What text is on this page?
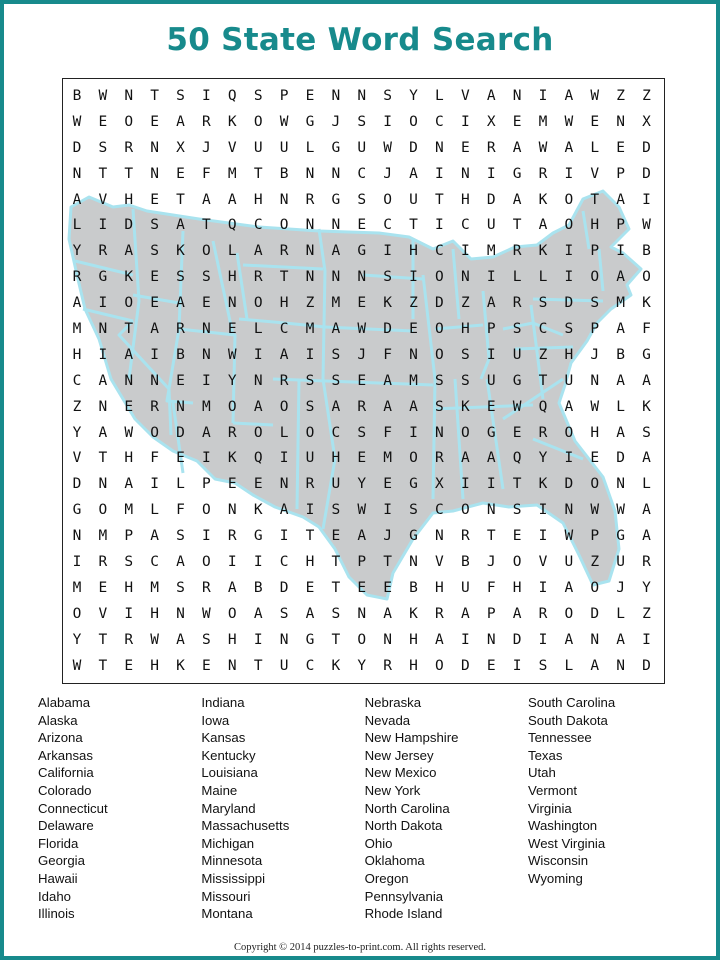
50 State Word Search
B	W	N	T	S	I	Q	S	P	E	N	N	S	Y	L	V	A	N	I	A	W	Z	Z
W	E	O	E	A	R	K	O	W	G	J	S	I	O	C	I	X	E	M	W	E	N	X
D	S	R	N	X	J	V	U	U	L	G	U	W	D	N	E	R	A	W	A	L	E	D
N	T	T	N	E	F	M	T	B	N	N	C	J	A	I	N	I	G	R	I	V	P	D
A	V	H	E	T	A	A	H	N	R	G	S	O	U	T	H	D	A	K	O	T	A	I
L	I	D	S	A	T	Q	C	O	N	N	E	C	T	I	C	U	T	A	O	H	P	W
Y	R	A	S	K	O	L	A	R	N	A	G	I	H	C	I	M	R	K	I	P	I	B
R	G	K	E	S	S	H	R	T	N	N	N	S	I	O	N	I	L	L	I	O	A	O
A	I	O	E	A	E	N	O	H	Z	M	E	K	Z	D	Z	A	R	S	D	S	M	K
M	N	T	A	R	N	E	L	C	M	A	W	D	E	O	H	P	S	C	S	P	A	F
H	I	A	I	B	N	W	I	A	I	S	J	F	N	O	S	I	U	Z	H	J	B	G
C	A	N	N	E	I	Y	N	R	S	S	E	A	M	S	S	U	G	T	U	N	A	A
Z	N	E	R	N	M	O	A	O	S	A	R	A	A	S	K	E	W	Q	A	W	L	K
Y	A	W	O	D	A	R	O	L	O	C	S	F	I	N	O	G	E	R	O	H	A	S
V	T	H	F	E	I	K	Q	I	U	H	E	M	O	R	A	A	Q	Y	I	E	D	A
D	N	A	I	L	P	E	E	N	R	U	Y	E	G	X	I	I	T	K	D	O	N	L
G	O	M	L	F	O	N	K	A	I	S	W	I	S	C	O	N	S	I	N	W	W	A
N	M	P	A	S	I	R	G	I	T	E	A	J	G	N	R	T	E	I	W	P	G	A
I	R	S	C	A	O	I	I	C	H	T	P	T	N	V	B	J	O	V	U	Z	U	R
M	E	H	M	S	R	A	B	D	E	T	E	E	B	H	U	F	H	I	A	O	J	Y
O	V	I	H	N	W	O	A	S	A	S	N	A	K	R	A	P	A	R	O	D	L	Z
Y	T	R	W	A	S	H	I	N	G	T	O	N	H	A	I	N	D	I	A	N	A	I
W	T	E	H	K	E	N	T	U	C	K	Y	R	H	O	D	E	I	S	L	A	N	D
Alabama
Alaska
Arizona
Arkansas
California
Colorado
Connecticut
Delaware
Florida
Georgia
Hawaii
Idaho
Illinois
Indiana
Iowa
Kansas
Kentucky
Louisiana
Maine
Maryland
Massachusetts
Michigan
Minnesota
Mississippi
Missouri
Montana
Nebraska
Nevada
New Hampshire
New Jersey
New Mexico
New York
North Carolina
North Dakota
Ohio
Oklahoma
Oregon
Pennsylvania
Rhode Island
South Carolina
South Dakota
Tennessee
Texas
Utah
Vermont
Virginia
Washington
West Virginia
Wisconsin
Wyoming
Copyright © 2014 puzzles-to-print.com. All rights reserved.
